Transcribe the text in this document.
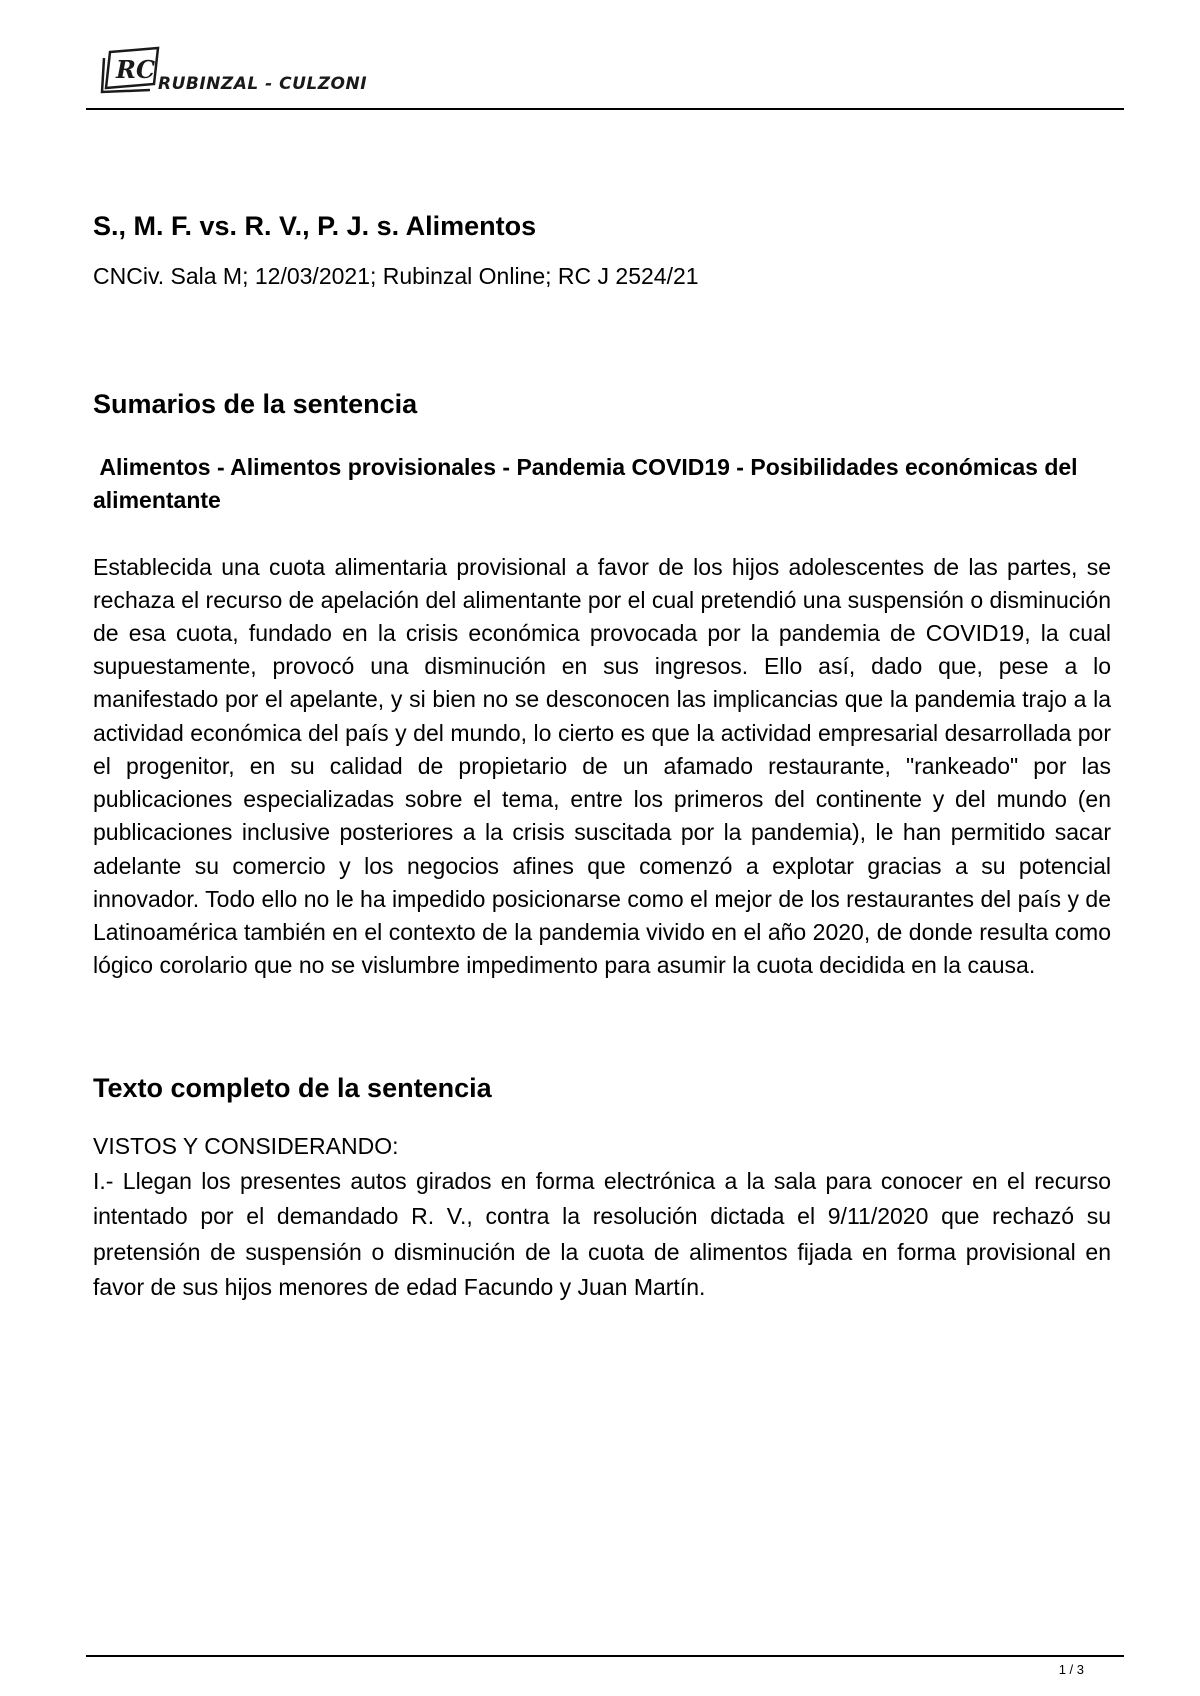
RC RUBINZAL - CULZONI
S., M. F. vs. R. V., P. J. s. Alimentos

CNCiv. Sala M; 12/03/2021; Rubinzal Online; RC J 2524/21

Sumarios de la sentencia

Alimentos - Alimentos provisionales - Pandemia COVID19 - Posibilidades económicas del alimentante

Establecida una cuota alimentaria provisional a favor de los hijos adolescentes de las partes, se rechaza el recurso de apelación del alimentante por el cual pretendió una suspensión o disminución de esa cuota, fundado en la crisis económica provocada por la pandemia de COVID19, la cual supuestamente, provocó una disminución en sus ingresos. Ello así, dado que, pese a lo manifestado por el apelante, y si bien no se desconocen las implicancias que la pandemia trajo a la actividad económica del país y del mundo, lo cierto es que la actividad empresarial desarrollada por el progenitor, en su calidad de propietario de un afamado restaurante, "rankeado" por las publicaciones especializadas sobre el tema, entre los primeros del continente y del mundo (en publicaciones inclusive posteriores a la crisis suscitada por la pandemia), le han permitido sacar adelante su comercio y los negocios afines que comenzó a explotar gracias a su potencial innovador. Todo ello no le ha impedido posicionarse como el mejor de los restaurantes del país y de Latinoamérica también en el contexto de la pandemia vivido en el año 2020, de donde resulta como lógico corolario que no se vislumbre impedimento para asumir la cuota decidida en la causa.

Texto completo de la sentencia

VISTOS Y CONSIDERANDO:

I.- Llegan los presentes autos girados en forma electrónica a la sala para conocer en el recurso intentado por el demandado R. V., contra la resolución dictada el 9/11/2020 que rechazó su pretensión de suspensión o disminución de la cuota de alimentos fijada en forma provisional en favor de sus hijos menores de edad Facundo y Juan Martín.

1 / 3
